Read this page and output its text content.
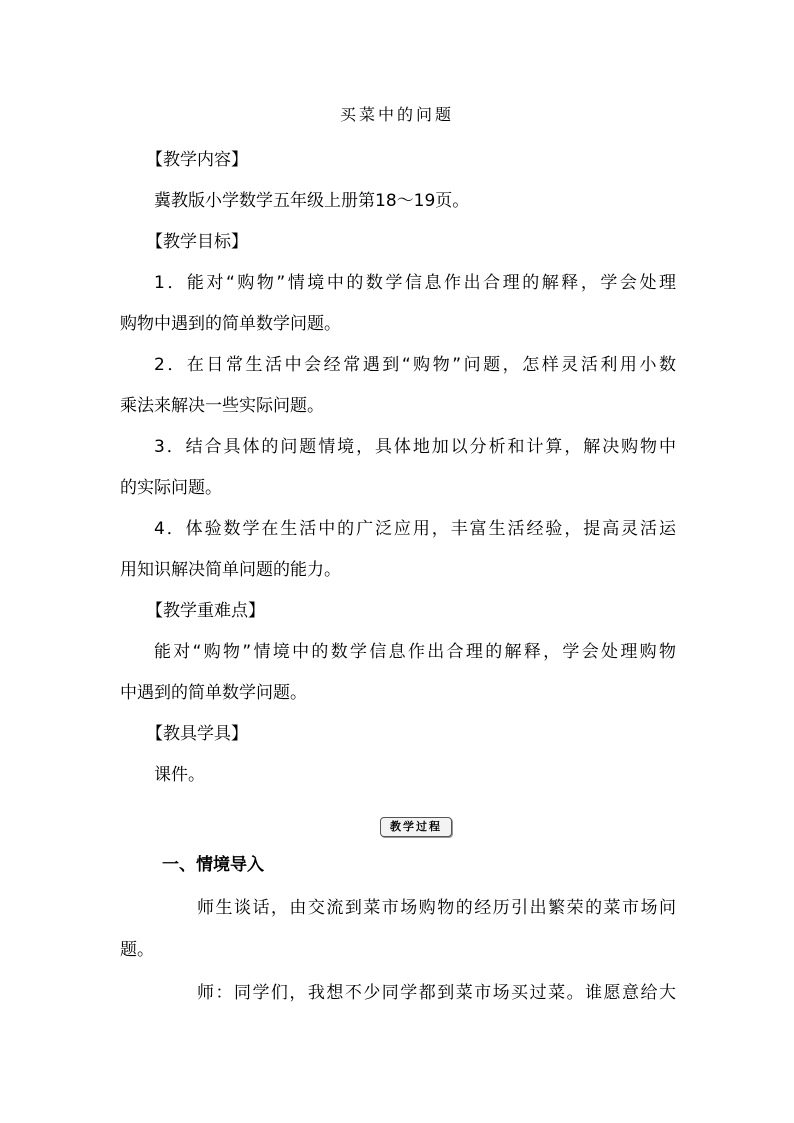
买菜中的问题
【教学内容】
冀教版小学数学五年级上册第18～19页。
【教学目标】
1．能对“购物”情境中的数学信息作出合理的解释，学会处理
购物中遇到的简单数学问题。
2．在日常生活中会经常遇到“购物”问题，怎样灵活利用小数
乘法来解决一些实际问题。
3．结合具体的问题情境，具体地加以分析和计算，解决购物中
的实际问题。
4．体验数学在生活中的广泛应用，丰富生活经验，提高灵活运
用知识解决简单问题的能力。
【教学重难点】
能对“购物”情境中的数学信息作出合理的解释，学会处理购物
中遇到的简单数学问题。
【教具学具】
课件。
教学过程
一、情境导入
师生谈话，由交流到菜市场购物的经历引出繁荣的菜市场问
题。
师：同学们，我想不少同学都到菜市场买过菜。谁愿意给大
